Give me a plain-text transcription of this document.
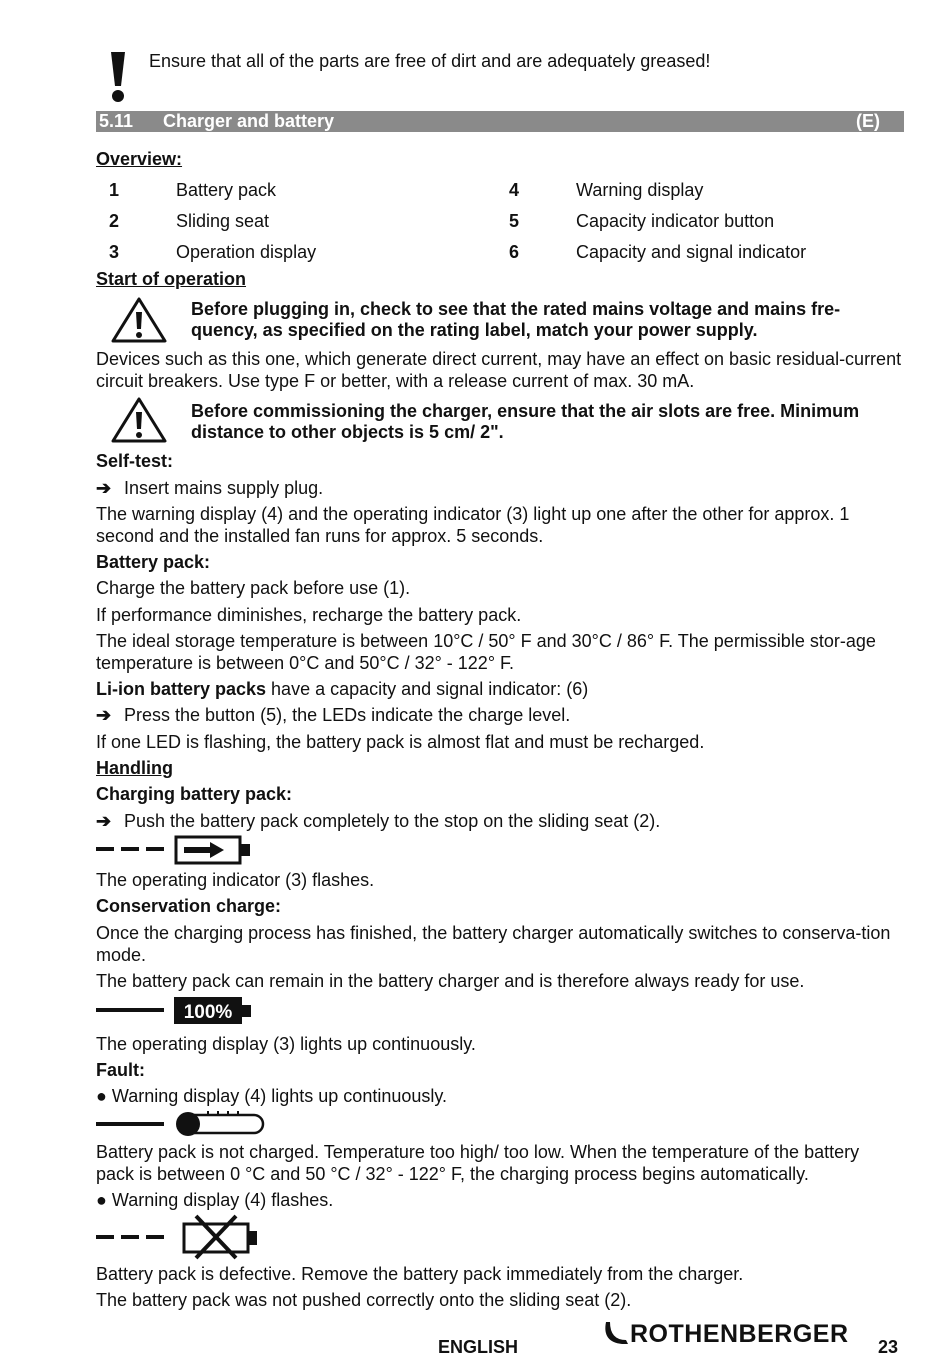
Ensure that all of the parts are free of dirt and are adequately greased!
5.11 Charger and battery	(E)
Overview:
1	Battery pack
2	Sliding seat
3	Operation display
4	Warning display
5	Capacity indicator button
6	Capacity and signal indicator
Start of operation
Before plugging in, check to see that the rated mains voltage and mains fre-quency, as specified on the rating label, match your power supply.
Devices such as this one, which generate direct current, may have an effect on basic residual-current circuit breakers. Use type F or better, with a release current of max. 30 mA.
Before commissioning the charger, ensure that the air slots are free. Minimum distance to other objects is 5 cm/ 2".
Self-test:
➔ Insert mains supply plug.
The warning display (4) and the operating indicator (3) light up one after the other for approx. 1 second and the installed fan runs for approx. 5 seconds.
Battery pack:
Charge the battery pack before use (1).
If performance diminishes, recharge the battery pack.
The ideal storage temperature is between 10°C / 50° F and 30°C / 86° F. The permissible stor-age temperature is between 0°C and 50°C / 32° - 122° F.
Li-ion battery packs have a capacity and signal indicator: (6)
➔ Press the button (5), the LEDs indicate the charge level.
If one LED is flashing, the battery pack is almost flat and must be recharged.
Handling
Charging battery pack:
➔ Push the battery pack completely to the stop on the sliding seat (2).
The operating indicator (3) flashes.
Conservation charge:
Once the charging process has finished, the battery charger automatically switches to conserva-tion mode.
The battery pack can remain in the battery charger and is therefore always ready for use.
100%
The operating display (3) lights up continuously.
Fault:
● Warning display (4) lights up continuously.
Battery pack is not charged. Temperature too high/ too low. When the temperature of the battery pack is between 0 °C and 50 °C / 32° - 122° F, the charging process begins automatically.
● Warning display (4) flashes.
Battery pack is defective. Remove the battery pack immediately from the charger.
The battery pack was not pushed correctly onto the sliding seat (2).
ENGLISH	ROTHENBERGER 23
